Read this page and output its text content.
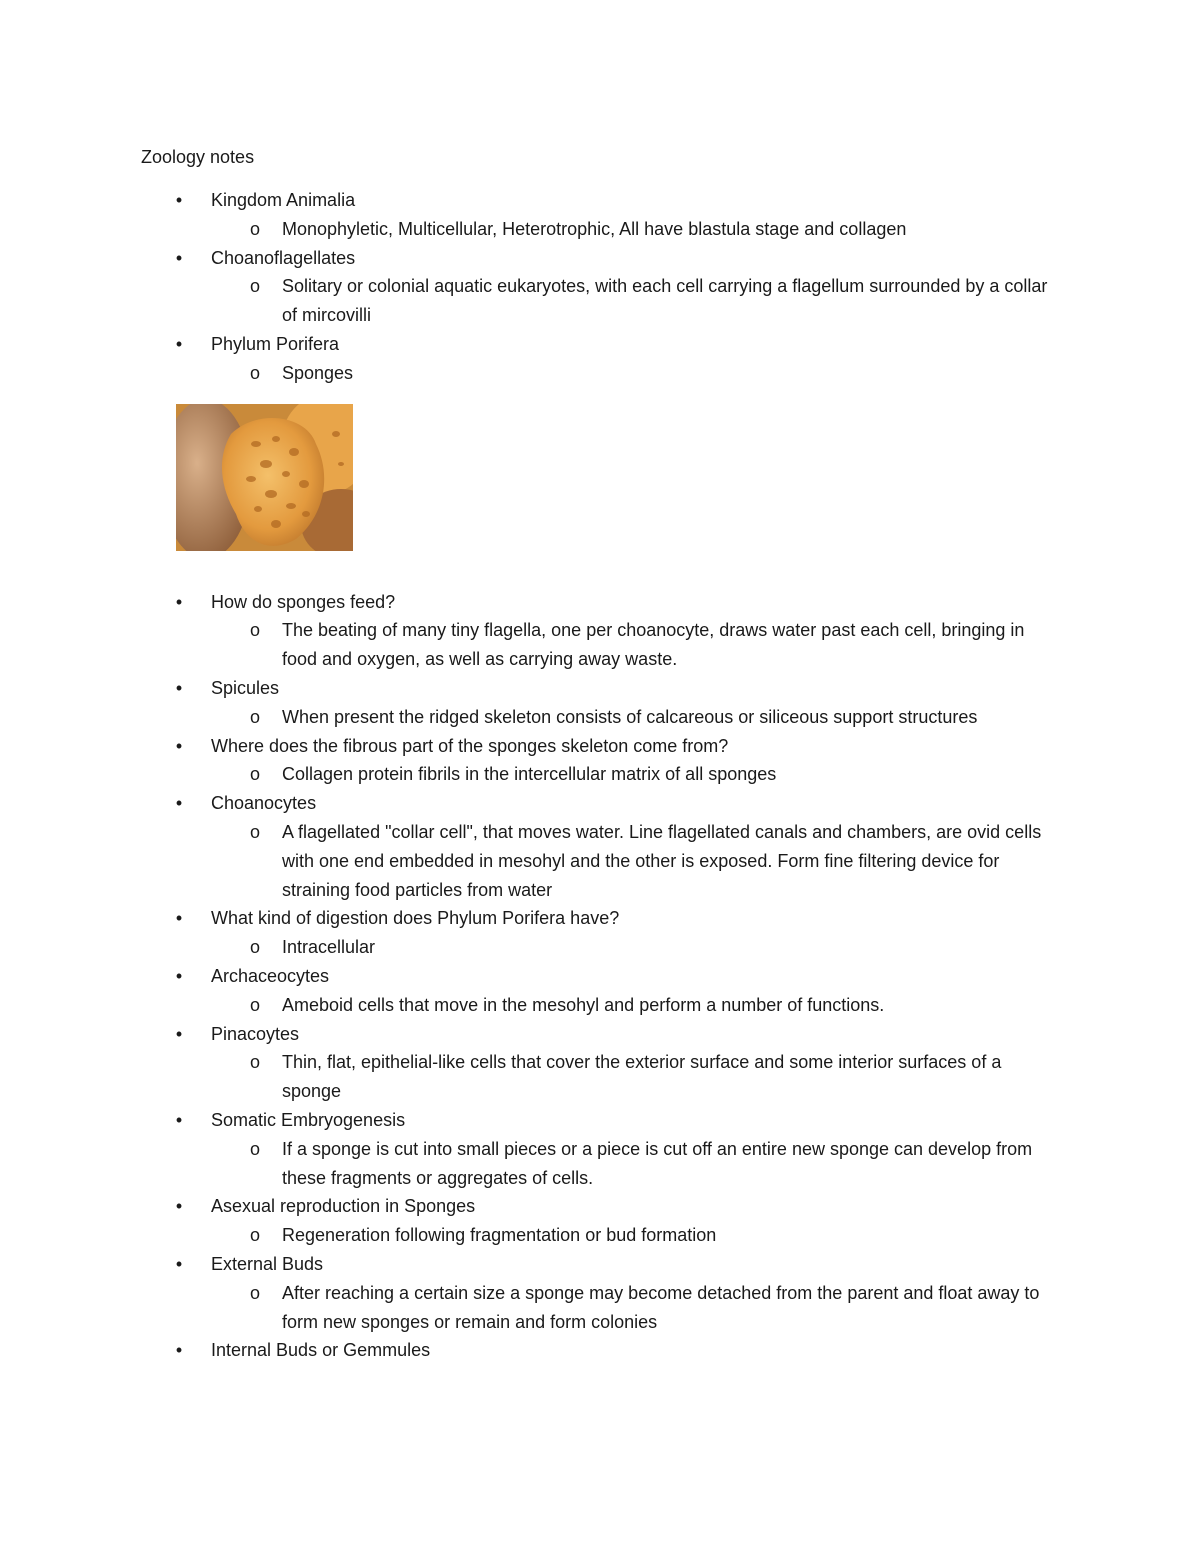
Zoology notes
•	Kingdom Animalia
o	Monophyletic, Multicellular, Heterotrophic, All have blastula stage and collagen
•	Choanoflagellates
o	Solitary or colonial aquatic eukaryotes, with each cell carrying a flagellum surrounded by a collar of mircovilli
•	Phylum Porifera
o	Sponges
•	How do sponges feed?
o	The beating of many tiny flagella, one per choanocyte, draws water past each cell, bringing in food and oxygen, as well as carrying away waste.
•	Spicules
o	When present the ridged skeleton consists of calcareous or siliceous support structures
•	Where does the fibrous part of the sponges skeleton come from?
o	Collagen protein fibrils in the intercellular matrix of all sponges
•	Choanocytes
o	A flagellated "collar cell", that moves water. Line flagellated canals and chambers, are ovid cells with one end embedded in mesohyl and the other is exposed. Form fine filtering device for straining food particles from water
•	What kind of digestion does Phylum Porifera have?
o	Intracellular
•	Archaceocytes
o	Ameboid cells that move in the mesohyl and perform a number of functions.
•	Pinacoytes
o	Thin, flat, epithelial-like cells that cover the exterior surface and some interior surfaces of a sponge
•	Somatic Embryogenesis
o	If a sponge is cut into small pieces or a piece is cut off an entire new sponge can develop from these fragments or aggregates of cells.
•	Asexual reproduction in Sponges
o	Regeneration following fragmentation or bud formation
•	External Buds
o	After reaching a certain size a sponge may become detached from the parent and float away to form new sponges or remain and form colonies
•	Internal Buds or Gemmules
